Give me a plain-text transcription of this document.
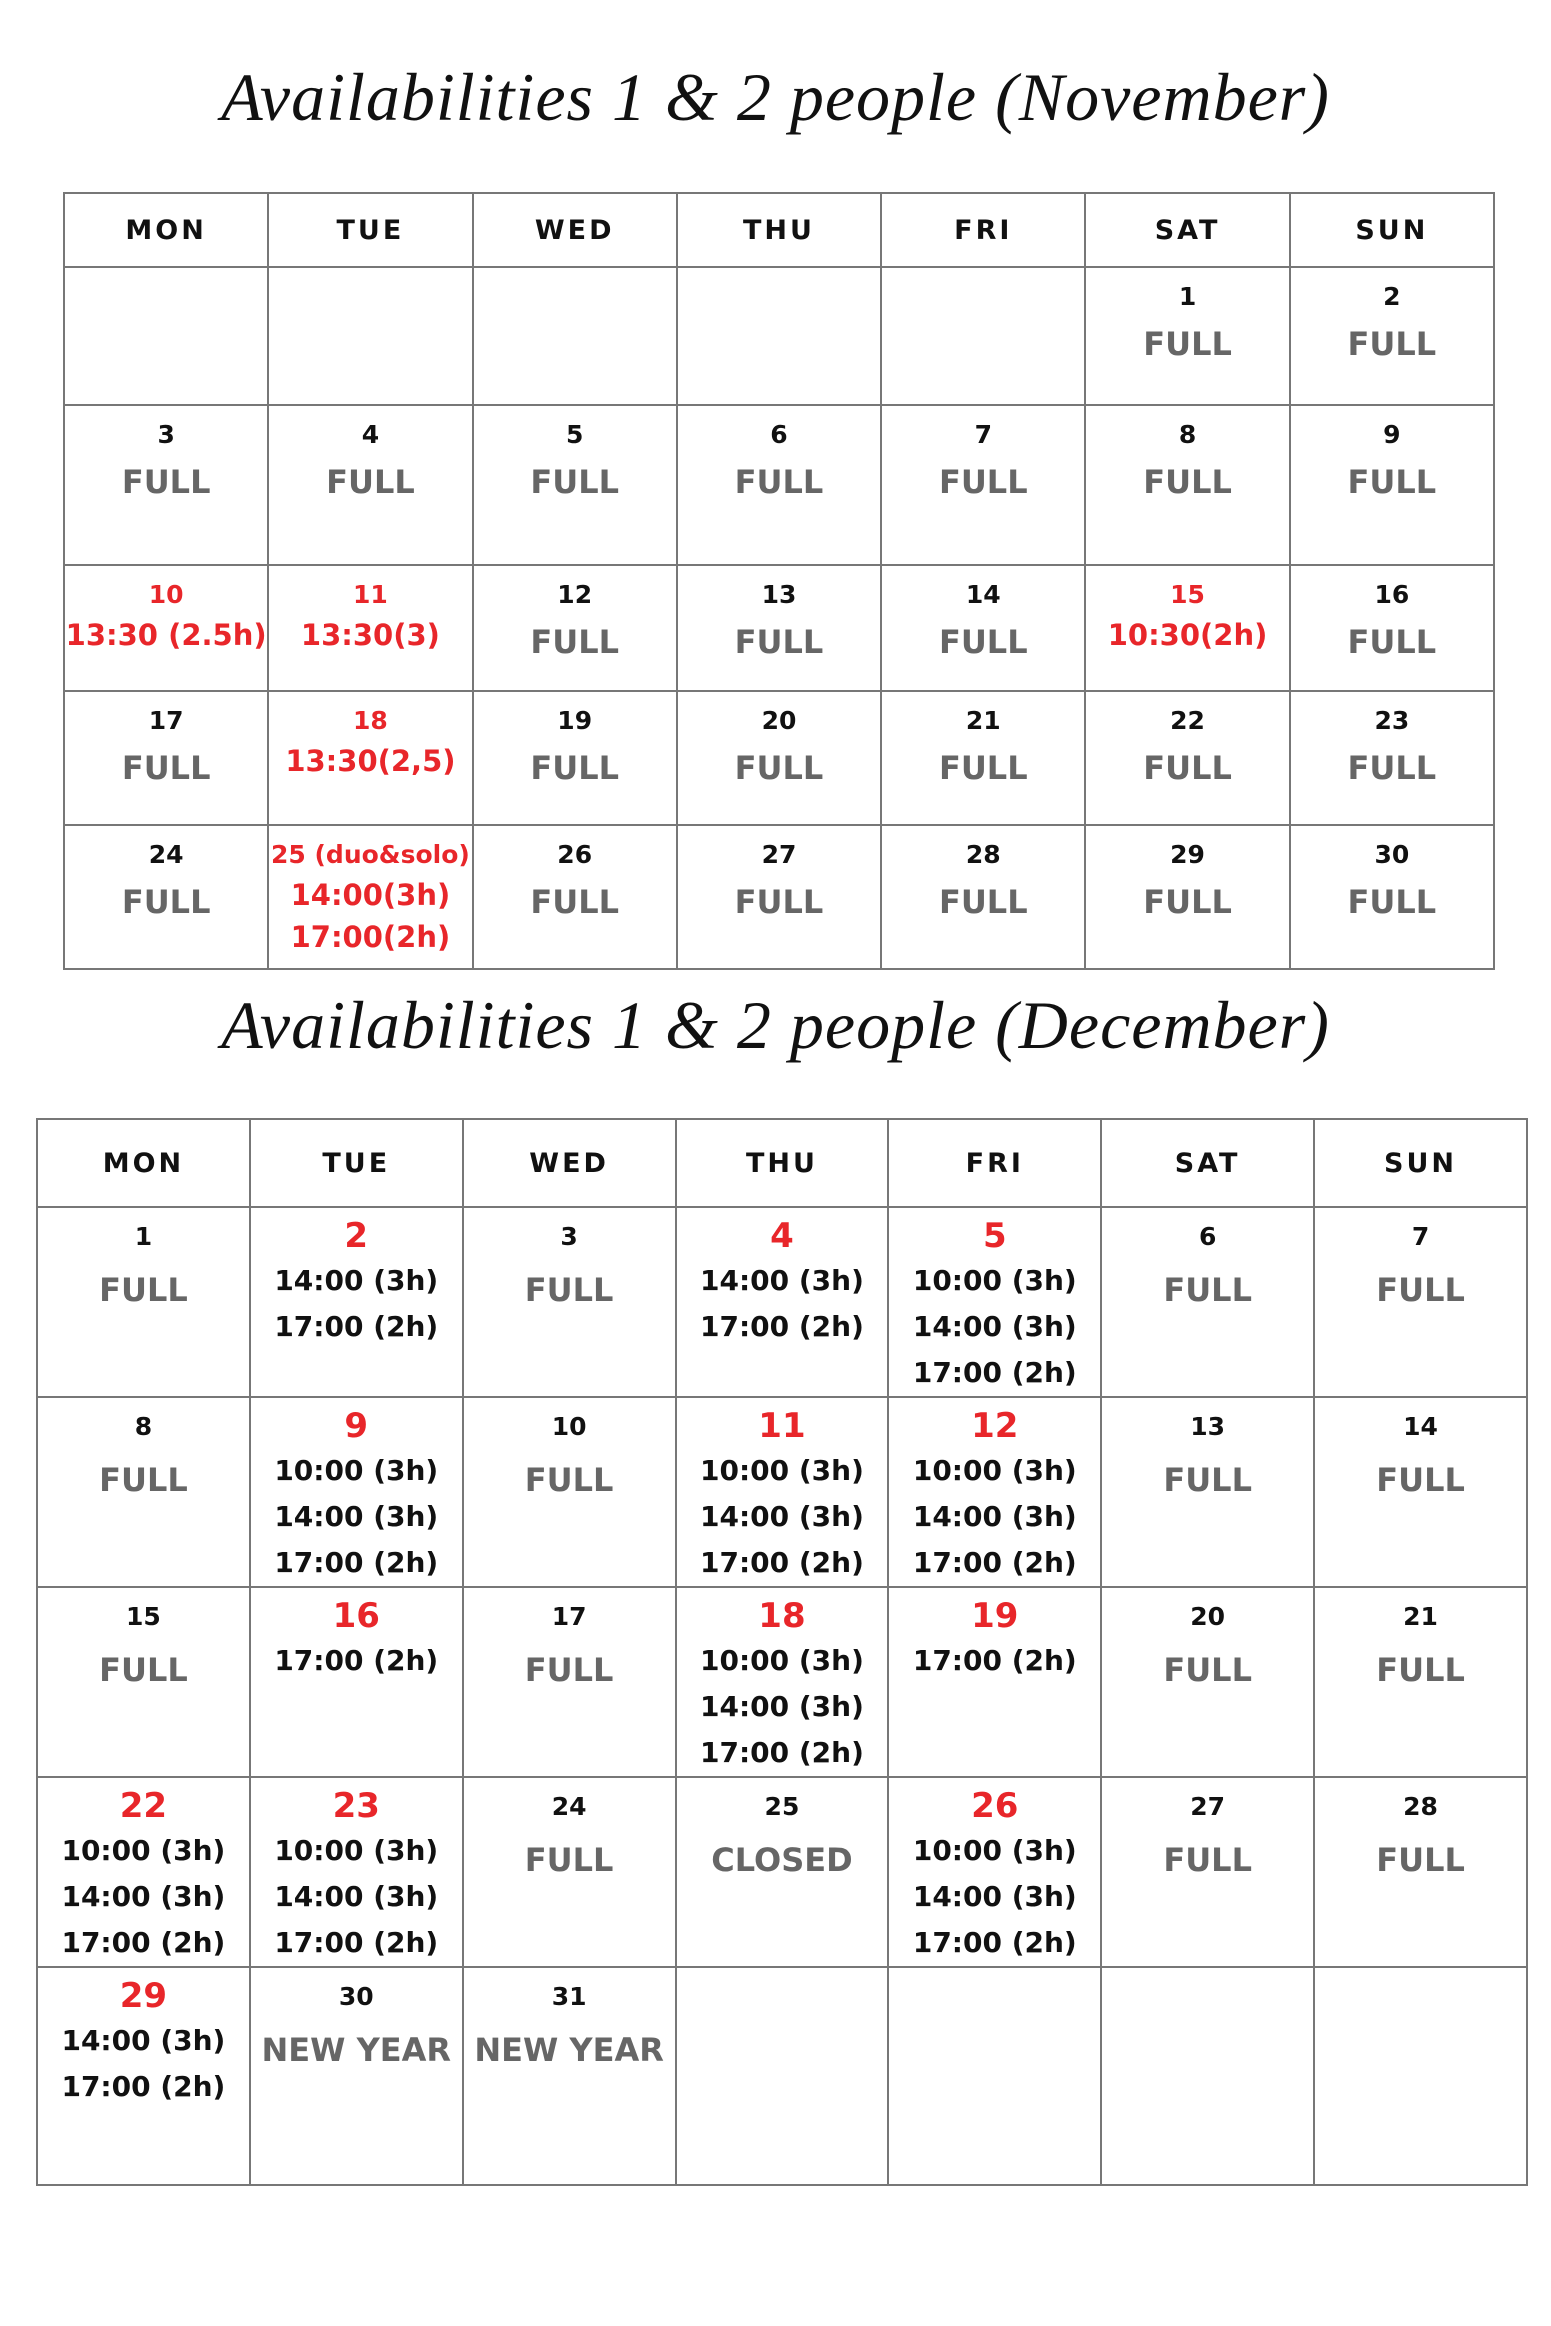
Availabilities 1 & 2 people (November)
MON	TUE	WED	THU	FRI	SAT	SUN

					1
FULL	2
FULL

3
FULL	4
FULL	5
FULL	6
FULL	7
FULL	8
FULL	9
FULL

10
13:30 (2.5h)	11
13:30(3)	12
FULL	13
FULL	14
FULL	15
10:30(2h)	16
FULL

17
FULL	18
13:30(2,5)	19
FULL	20
FULL	21
FULL	22
FULL	23
FULL

24
FULL	25 (duo&solo)
14:00(3h)
17:00(2h)	26
FULL	27
FULL	28
FULL	29
FULL	30
FULL
Availabilities 1 & 2 people (December)
MON	TUE	WED	THU	FRI	SAT	SUN

1
FULL	2
14:00 (3h)
17:00 (2h)	3
FULL	4
14:00 (3h)
17:00 (2h)	5
10:00 (3h)
14:00 (3h)
17:00 (2h)	6
FULL	7
FULL

8
FULL	9
10:00 (3h)
14:00 (3h)
17:00 (2h)	10
FULL	11
10:00 (3h)
14:00 (3h)
17:00 (2h)	12
10:00 (3h)
14:00 (3h)
17:00 (2h)	13
FULL	14
FULL

15
FULL	16
17:00 (2h)	17
FULL	18
10:00 (3h)
14:00 (3h)
17:00 (2h)	19
17:00 (2h)	20
FULL	21
FULL

22
10:00 (3h)
14:00 (3h)
17:00 (2h)	23
10:00 (3h)
14:00 (3h)
17:00 (2h)	24
FULL	25
CLOSED	26
10:00 (3h)
14:00 (3h)
17:00 (2h)	27
FULL	28
FULL

29
14:00 (3h)
17:00 (2h)	30
NEW YEAR	31
NEW YEAR				
